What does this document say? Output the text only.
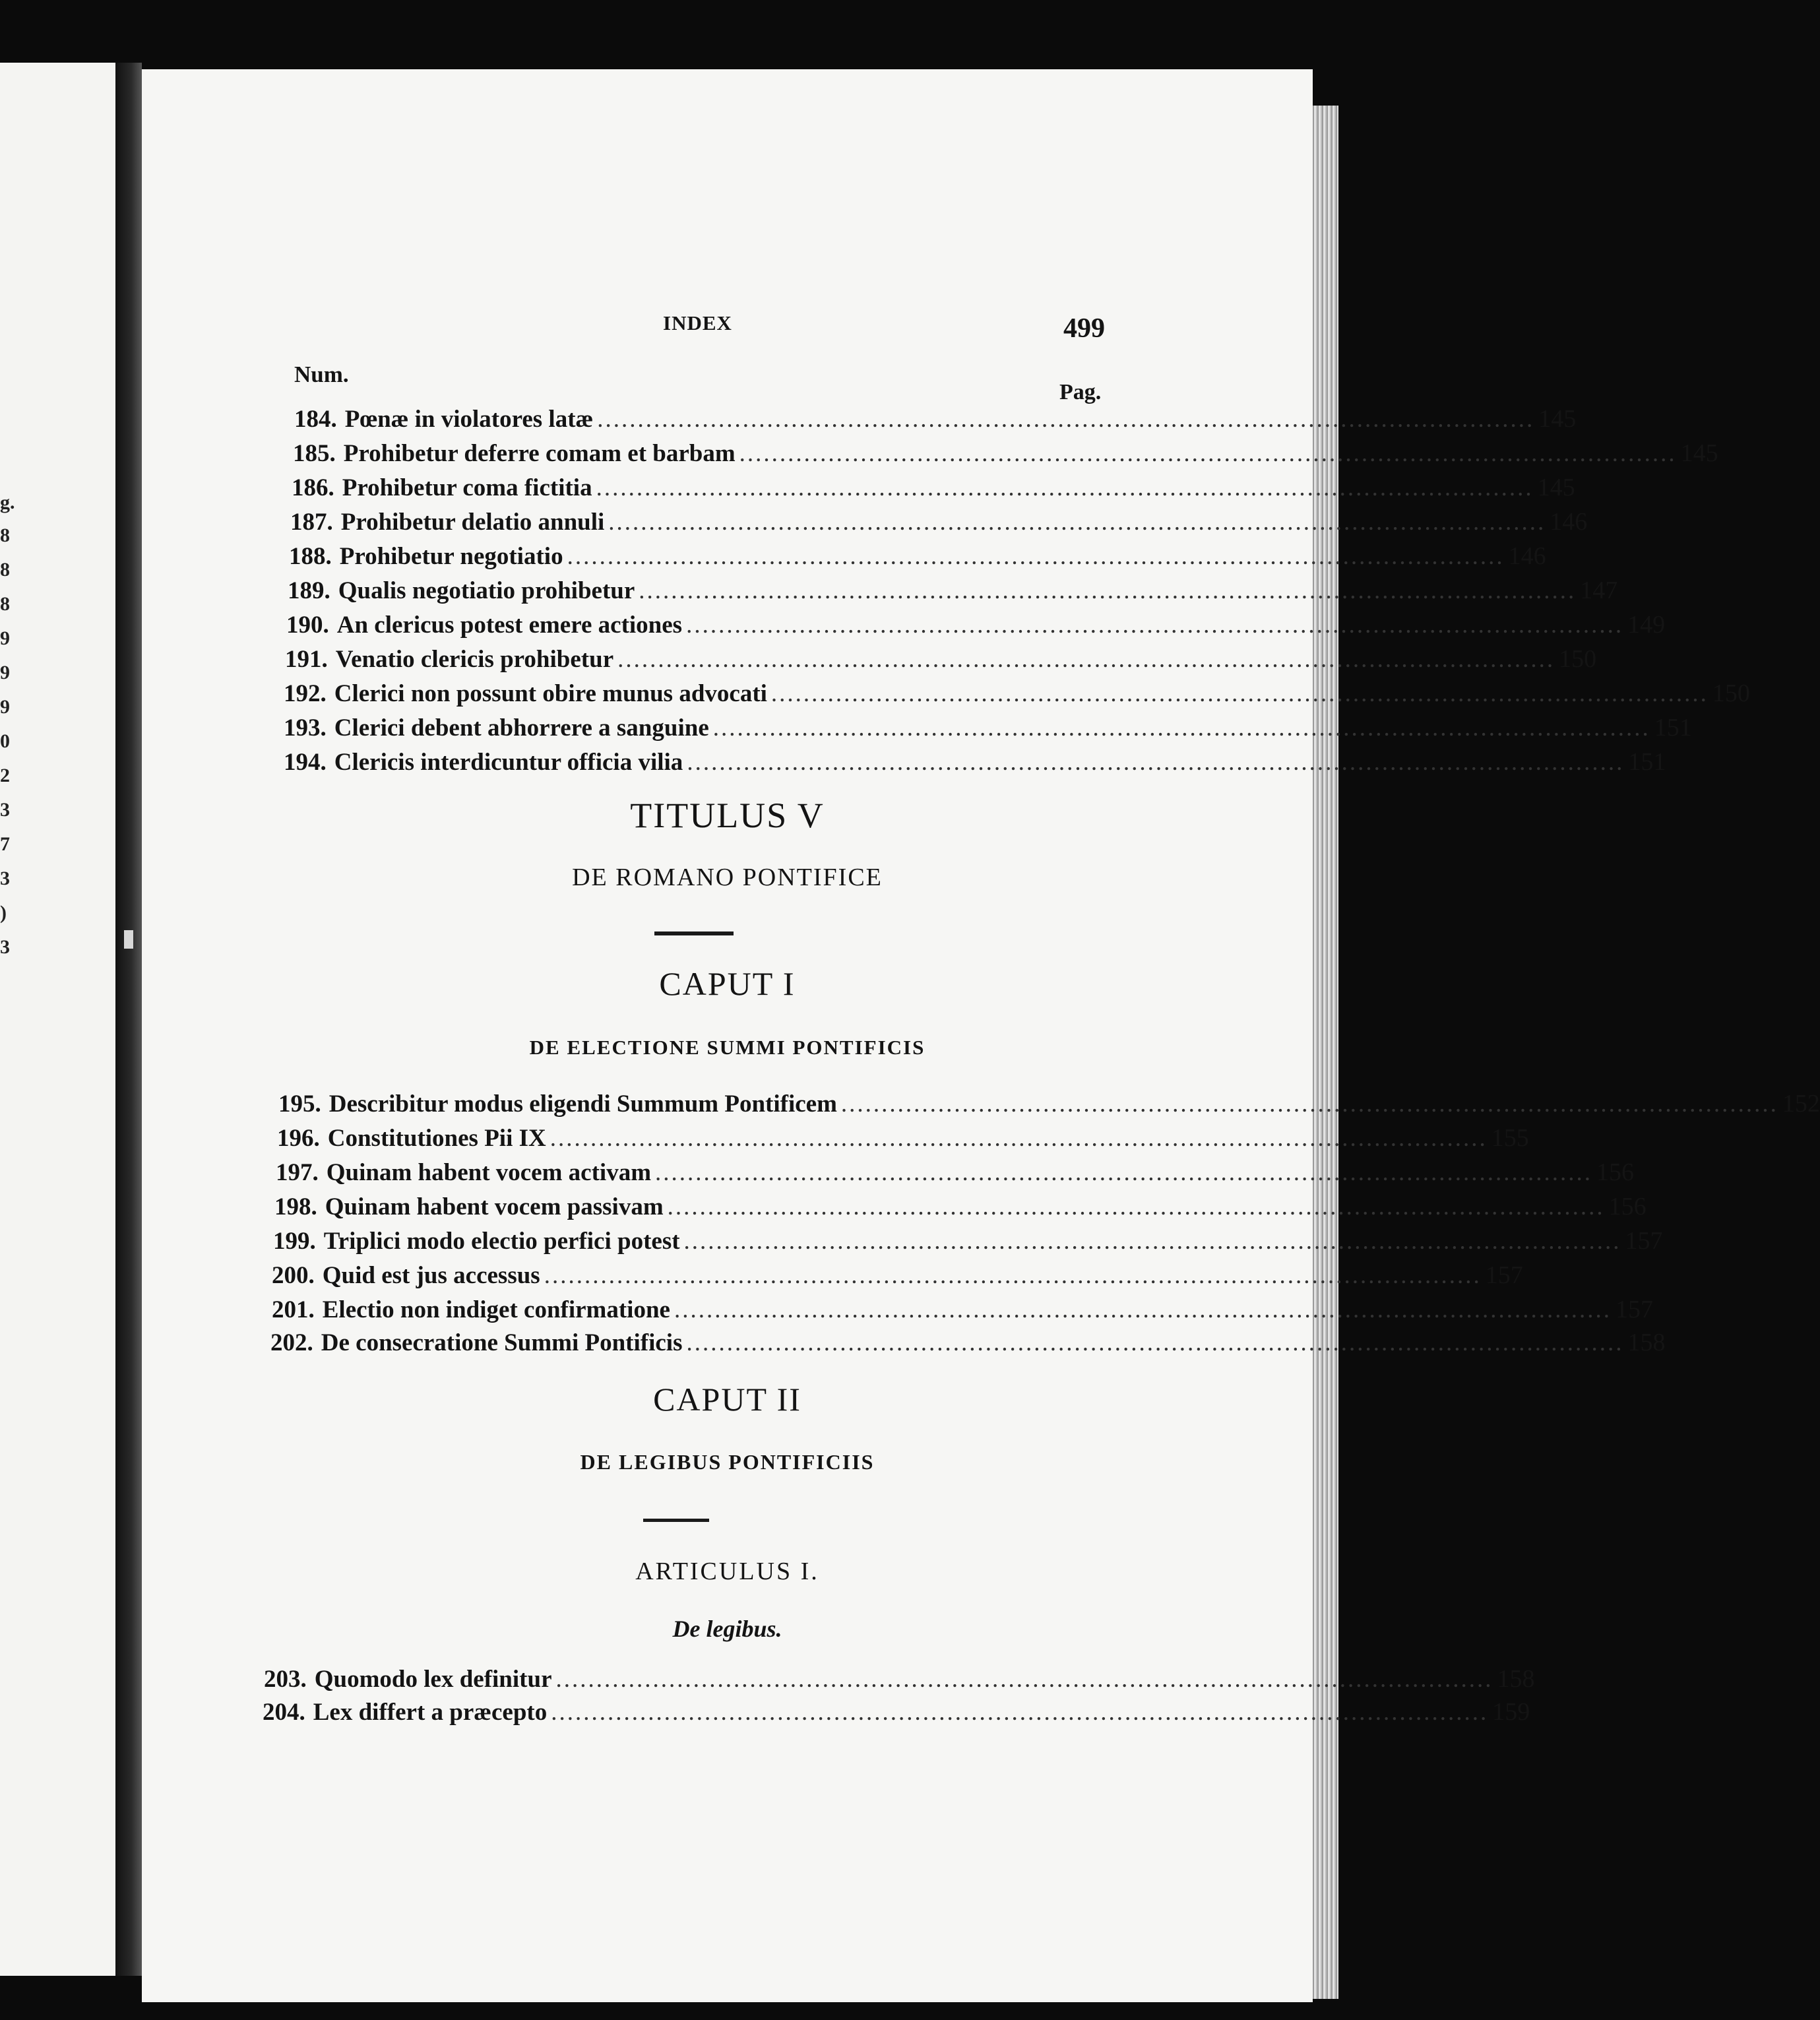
g.
8
8
8
9
9
9
0
2
3
7
3
)
3
INDEX	499
Num.
Pag.
184. Pœnæ in violatores latæ .................................................................................................................... 145
185. Prohibetur deferre comam et barbam .................................................................................................................... 145
186. Prohibetur coma fictitia .................................................................................................................... 145
187. Prohibetur delatio annuli .................................................................................................................... 146
188. Prohibetur negotiatio .................................................................................................................... 146
189. Qualis negotiatio prohibetur .................................................................................................................... 147
190. An clericus potest emere actiones .................................................................................................................... 149
191. Venatio clericis prohibetur .................................................................................................................... 150
192. Clerici non possunt obire munus advocati .................................................................................................................... 150
193. Clerici debent abhorrere a sanguine .................................................................................................................... 151
194. Clericis interdicuntur officia vilia .................................................................................................................... 151
TITULUS V
DE ROMANO PONTIFICE
CAPUT I
DE ELECTIONE SUMMI PONTIFICIS
195. Describitur modus eligendi Summum Pontificem .................................................................................................................... 152
196. Constitutiones Pii IX .................................................................................................................... 155
197. Quinam habent vocem activam .................................................................................................................... 156
198. Quinam habent vocem passivam .................................................................................................................... 156
199. Triplici modo electio perfici potest .................................................................................................................... 157
200. Quid est jus accessus .................................................................................................................... 157
201. Electio non indiget confirmatione .................................................................................................................... 157
202. De consecratione Summi Pontificis .................................................................................................................... 158
CAPUT II
DE LEGIBUS PONTIFICIIS
ARTICULUS I.
De legibus.
203. Quomodo lex definitur .................................................................................................................... 158
204. Lex differt a præcepto .................................................................................................................... 159
